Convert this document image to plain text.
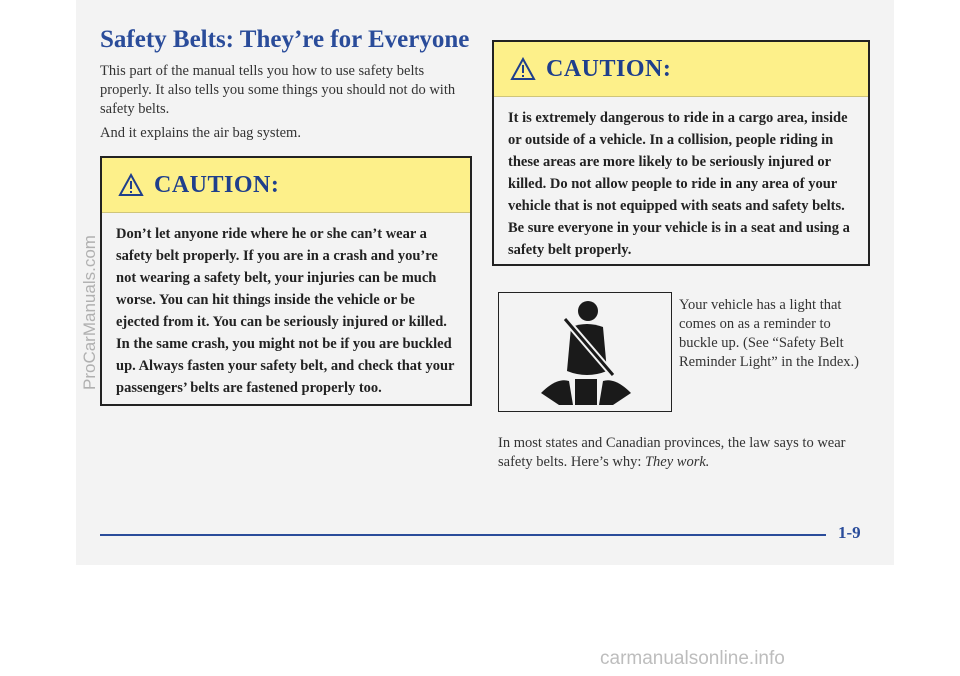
Safety Belts: They’re for Everyone

This part of the manual tells you how to use safety belts properly. It also tells you some things you should not do with safety belts.

And it explains the air bag system.

CAUTION:

Don’t let anyone ride where he or she can’t wear a safety belt properly. If you are in a crash and you’re not wearing a safety belt, your injuries can be much worse. You can hit things inside the vehicle or be ejected from it. You can be seriously injured or killed. In the same crash, you might not be if you are buckled up. Always fasten your safety belt, and check that your passengers’ belts are fastened properly too.

CAUTION:

It is extremely dangerous to ride in a cargo area, inside or outside of a vehicle. In a collision, people riding in these areas are more likely to be seriously injured or killed. Do not allow people to ride in any area of your vehicle that is not equipped with seats and safety belts. Be sure everyone in your vehicle is in a seat and using a safety belt properly.

Your vehicle has a light that comes on as a reminder to buckle up. (See “Safety Belt Reminder Light” in the Index.)

In most states and Canadian provinces, the law says to wear safety belts. Here’s why: They work.

1-9
ProCarManuals.com
carmanualsonline.info
